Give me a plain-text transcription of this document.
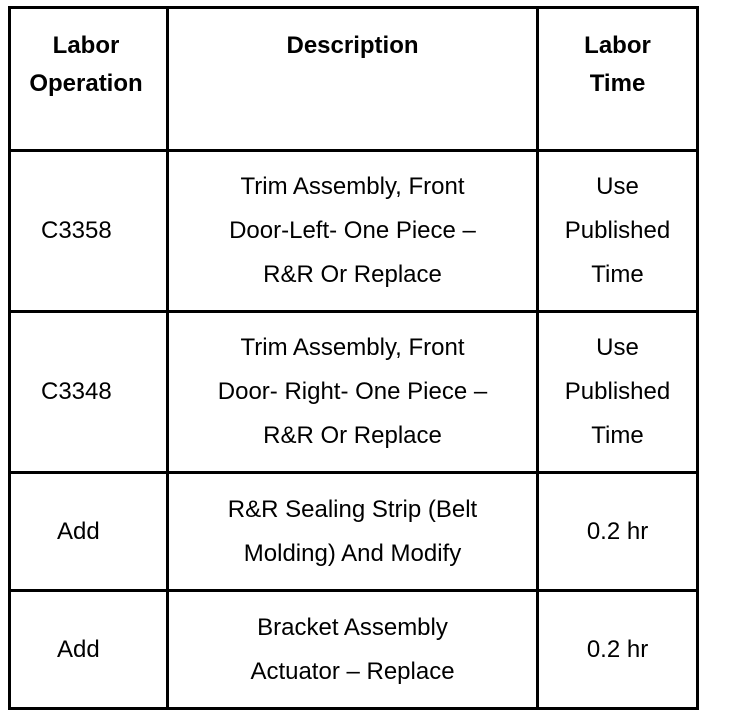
Labor
Operation	Description	Labor
Time

C3358	Trim Assembly, Front
Door-Left- One Piece –
R&R Or Replace	Use
Published
Time

C3348	Trim Assembly, Front
Door- Right- One Piece –
R&R Or Replace	Use
Published
Time

Add	R&R Sealing Strip (Belt
Molding) And Modify	0.2 hr

Add	Bracket Assembly
Actuator – Replace	0.2 hr
